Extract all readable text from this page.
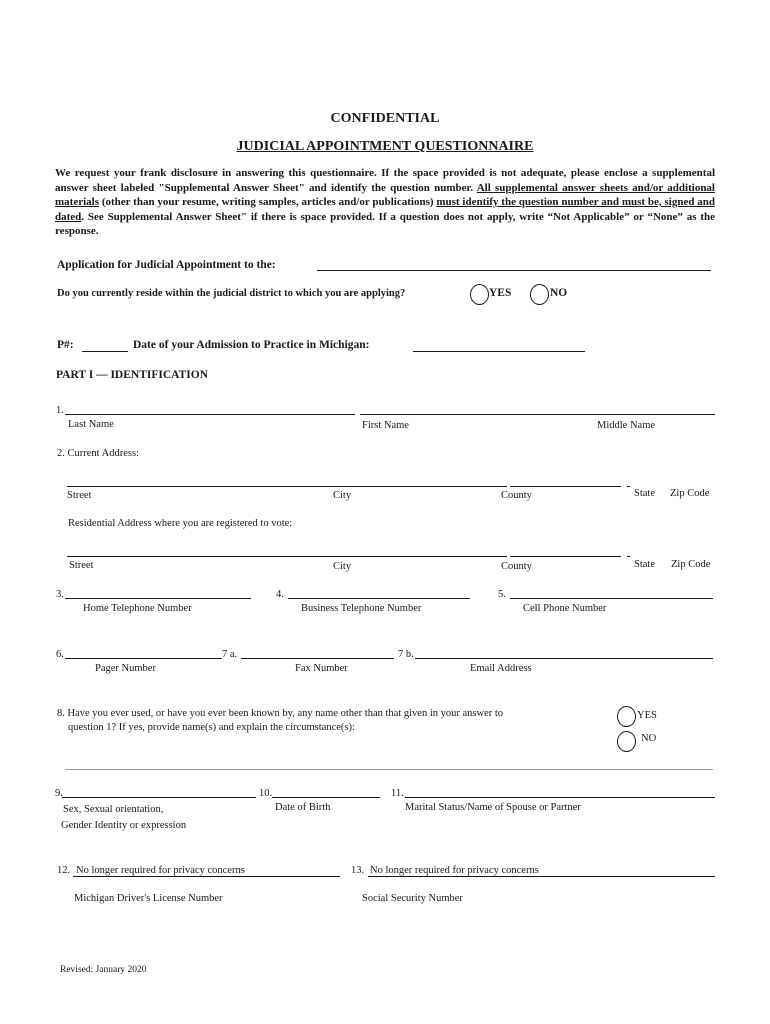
CONFIDENTIAL
JUDICIAL APPOINTMENT QUESTIONNAIRE
We request your frank disclosure in answering this questionnaire. If the space provided is not adequate, please enclose a supplemental answer sheet labeled "Supplemental Answer Sheet" and identify the question number. All supplemental answer sheets and/or additional materials (other than your resume, writing samples, articles and/or publications) must identify the question number and must be, signed and dated. See Supplemental Answer Sheet" if there is space provided. If a question does not apply, write “Not Applicable” or “None” as the response.
Application for Judicial Appointment to the:
Do you currently reside within the judicial district to which you are applying?	YES	NO
P#:	Date of your Admission to Practice in Michigan:
PART I — IDENTIFICATION
1.
Last Name	First Name	Middle Name
2. Current Address:
Street	City	County	State Zip Code
Residential Address where you are registered to vote:
Street	City	County	State Zip Code
3.
Home Telephone Number
4.
Business Telephone Number
5.
Cell Phone Number
6.
Pager Number
7 a.
Fax Number
7 b.
Email Address
8. Have you ever used, or have you ever been known by, any name other than that given in your answer to
question 1? If yes, provide name(s) and explain the circumstance(s):
YES
NO
9.
Sex, Sexual orientation,
Gender Identity or expression
10.
Date of Birth
11.
Marital Status/Name of Spouse or Partner
12. No longer required for privacy concerns
Michigan Driver's License Number
13. No longer required for privacy concerns
Social Security Number
Revised: January 2020
